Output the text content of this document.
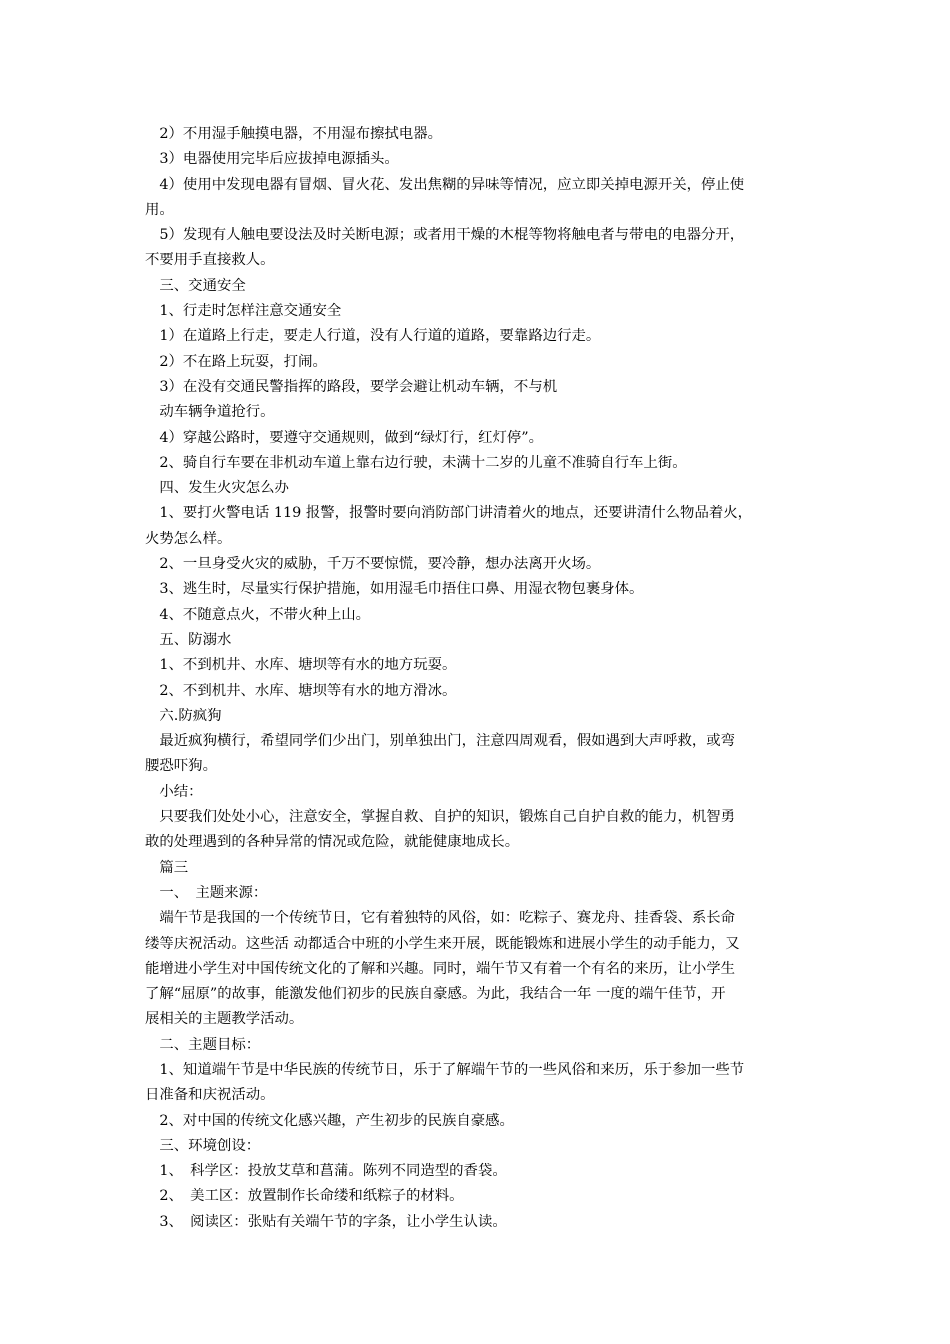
　2）不用湿手触摸电器，不用湿布擦拭电器。

　3）电器使用完毕后应拔掉电源插头。

　4）使用中发现电器有冒烟、冒火花、发出焦糊的异味等情况，应立即关掉电源开关，停止使

用。

　5）发现有人触电要设法及时关断电源；或者用干燥的木棍等物将触电者与带电的电器分开，

不要用手直接救人。

　三、交通安全

　1、行走时怎样注意交通安全

　1）在道路上行走，要走人行道，没有人行道的道路，要靠路边行走。

　2）不在路上玩耍，打闹。

　3）在没有交通民警指挥的路段，要学会避让机动车辆，不与机

　动车辆争道抢行。

　4）穿越公路时，要遵守交通规则，做到“绿灯行，红灯停”。

　2、骑自行车要在非机动车道上靠右边行驶，未满十二岁的儿童不准骑自行车上街。

　四、发生火灾怎么办

　1、要打火警电话 119 报警，报警时要向消防部门讲清着火的地点，还要讲清什么物品着火，

火势怎么样。

　2、一旦身受火灾的威胁，千万不要惊慌，要冷静，想办法离开火场。

　3、逃生时，尽量实行保护措施，如用湿毛巾捂住口鼻、用湿衣物包裹身体。

　4、不随意点火，不带火种上山。

　五、防溺水

　1、不到机井、水库、塘坝等有水的地方玩耍。

　2、不到机井、水库、塘坝等有水的地方滑冰。

　六.防疯狗

　最近疯狗横行，希望同学们少出门，别单独出门，注意四周观看，假如遇到大声呼救，或弯

腰恐吓狗。

　小结：

　只要我们处处小心，注意安全，掌握自救、自护的知识，锻炼自己自护自救的能力，机智勇

敢的处理遇到的各种异常的情况或危险，就能健康地成长。

　篇三

　一、　主题来源：

　端午节是我国的一个传统节日，它有着独特的风俗，如：吃粽子、赛龙舟、挂香袋、系长命

缕等庆祝活动。这些活 动都适合中班的小学生来开展，既能锻炼和进展小学生的动手能力，又

能增进小学生对中国传统文化的了解和兴趣。同时，端午节又有着一个有名的来历，让小学生

了解“屈原”的故事，能激发他们初步的民族自豪感。为此，我结合一年 一度的端午佳节，开

展相关的主题教学活动。

　二、主题目标：

　1、知道端午节是中华民族的传统节日，乐于了解端午节的一些风俗和来历，乐于参加一些节

日准备和庆祝活动。

　2、对中国的传统文化感兴趣，产生初步的民族自豪感。

　三、环境创设：

　1、　科学区：投放艾草和菖蒲。陈列不同造型的香袋。

　2、　美工区：放置制作长命缕和纸粽子的材料。

　3、　阅读区：张贴有关端午节的字条，让小学生认读。
